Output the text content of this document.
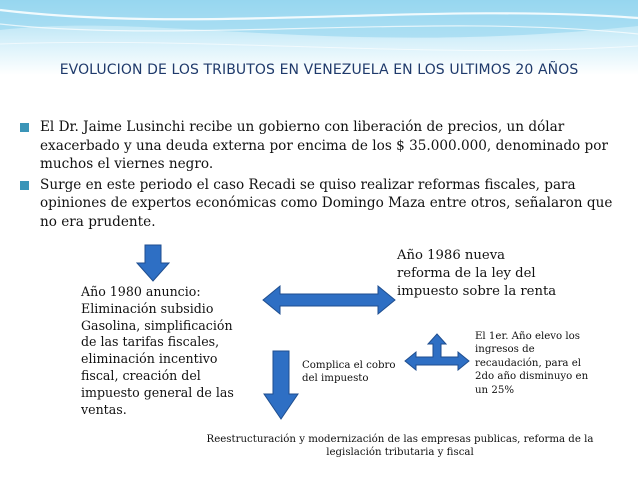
EVOLUCION DE LOS TRIBUTOS EN VENEZUELA EN LOS ULTIMOS 20 AÑOS
El Dr. Jaime Lusinchi recibe un gobierno con liberación de precios, un dólar exacerbado y una deuda externa por encima de los $ 35.000.000, denominado por muchos el viernes negro.
Surge en este periodo el caso Recadi se quiso realizar reformas fiscales, para opiniones de expertos económicas como Domingo Maza entre otros, señalaron que no era prudente.
Año 1980 anuncio: Eliminación subsidio Gasolina, simplificación de las tarifas fiscales, eliminación incentivo fiscal, creación del impuesto general de las ventas.
Año 1986 nueva reforma de la ley del impuesto sobre la renta
Complica el cobro del impuesto
El 1er. Año elevo los ingresos de recaudación, para el 2do año disminuyo en un 25%
Reestructuración y modernización de las empresas publicas, reforma de la legislación tributaria y fiscal
